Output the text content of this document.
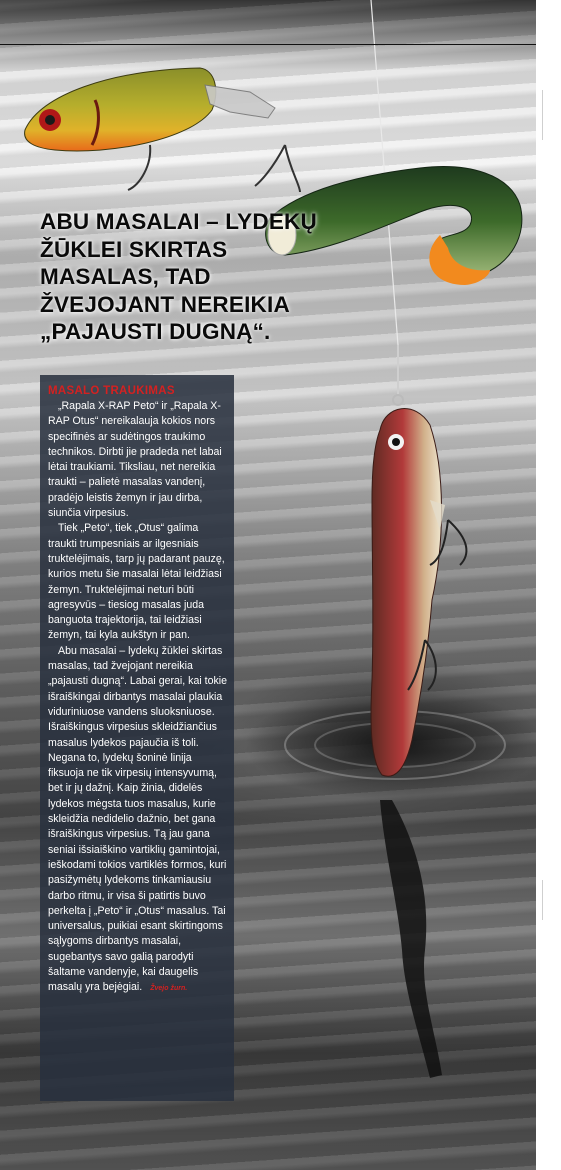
ABU MASALAI – LYDEKŲ ŽŪKLEI SKIRTAS MASALAS, TAD ŽVEJOJANT NEREIKIA „PAJAUSTI DUGNĄ“.
MASALO TRAUKIMAS

„Rapala X-RAP Peto“ ir „Rapala X-RAP Otus“ nereikalauja kokios nors specifinės ar sudėtingos traukimo technikos. Dirbti jie pradeda net labai lėtai traukiami. Tiksliau, net nereikia traukti – palietė masalas vandenį, pradėjo leistis žemyn ir jau dirba, siunčia virpesius.

Tiek „Peto“, tiek „Otus“ galima traukti trumpesniais ar ilgesniais truktelėjimais, tarp jų padarant pauzę, kurios metu šie masalai lėtai leidžiasi žemyn. Truktelėjimai neturi būti agresyvūs – tiesiog masalas juda banguota trajektorija, tai leidžiasi žemyn, tai kyla aukštyn ir pan.

Abu masalai – lydekų žūklei skirtas masalas, tad žvejojant nereikia „pajausti dugną“. Labai gerai, kai tokie išraiškingai dirbantys masalai plaukia viduriniuose vandens sluoksniuose. Išraiškingus virpesius skleidžiančius masalus lydekos pajaučia iš toli. Negana to, lydekų šoninė linija fiksuoja ne tik virpesių intensyvumą, bet ir jų dažnį. Kaip žinia, didelės lydekos mėgsta tuos masalus, kurie skleidžia nedidelio dažnio, bet gana išraiškingus virpesius. Tą jau gana seniai išsiaiškino vartiklių gamintojai, ieškodami tokios vartiklės formos, kuri pasižymėtų lydekoms tinkamiausiu darbo ritmu, ir visa ši patirtis buvo perkelta į „Peto“ ir „Otus“ masalus. Tai universalus, puikiai esant skirtingoms sąlygoms dirbantys masalai, sugebantys savo galią parodyti šaltame vandenyje, kai daugelis masalų yra bejėgiai. Žvejo žurn.
